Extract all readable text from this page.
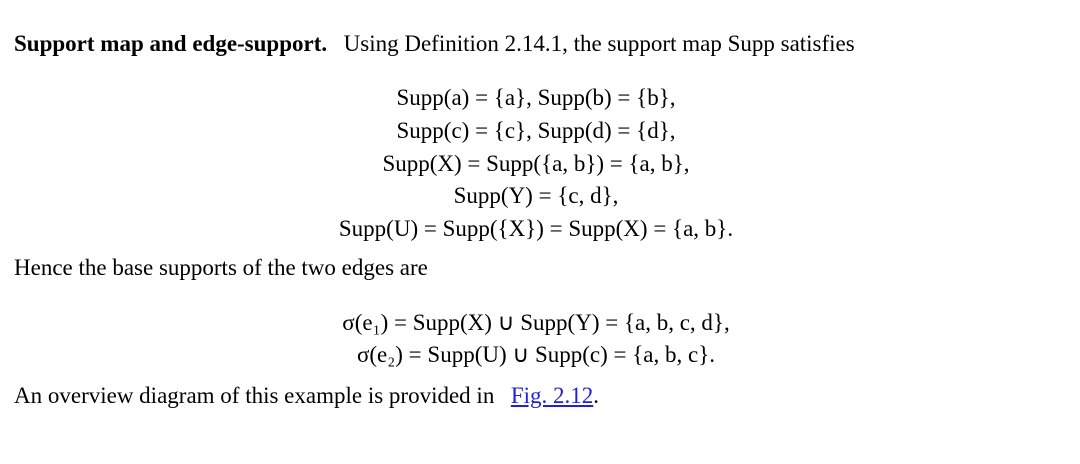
Support map and edge-support. Using Definition 2.14.1, the support map Supp satisfies

Supp(a) = {a}, Supp(b) = {b},
Supp(c) = {c}, Supp(d) = {d},
Supp(X) = Supp({a, b}) = {a, b},
Supp(Y) = {c, d},
Supp(U) = Supp({X}) = Supp(X) = {a, b}.

Hence the base supports of the two edges are

σ(e₁) = Supp(X) ∪ Supp(Y) = {a, b, c, d},
σ(e₂) = Supp(U) ∪ Supp(c) = {a, b, c}.

An overview diagram of this example is provided in Fig. 2.12.
